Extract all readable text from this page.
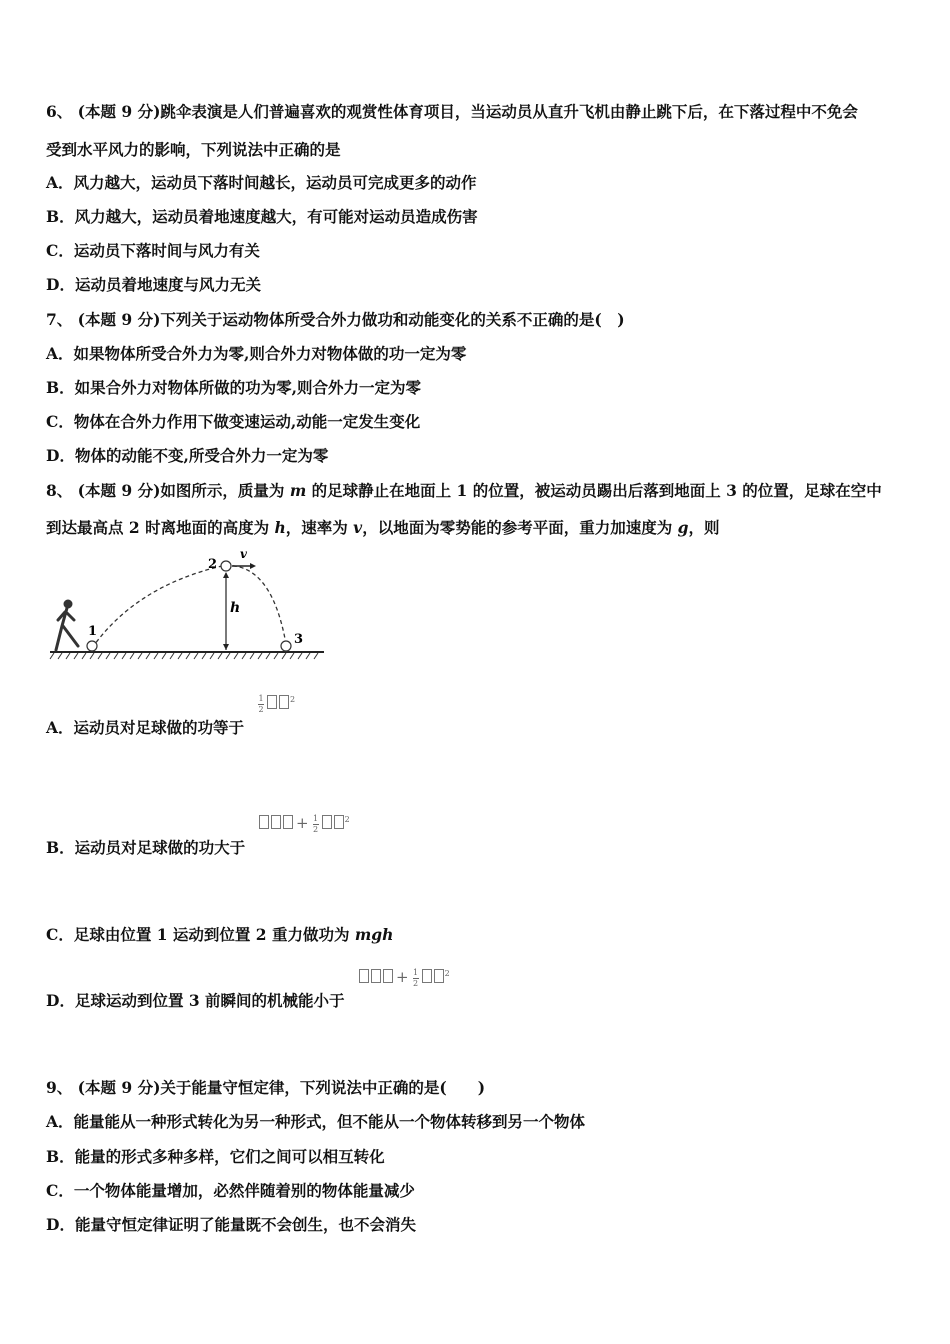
6、 (本题 9 分)跳伞表演是人们普遍喜欢的观赏性体育项目，当运动员从直升飞机由静止跳下后，在下落过程中不免会
受到水平风力的影响，下列说法中正确的是
A．风力越大，运动员下落时间越长，运动员可完成更多的动作
B．风力越大，运动员着地速度越大，有可能对运动员造成伤害
C．运动员下落时间与风力有关
D．运动员着地速度与风力无关
7、 (本题 9 分)下列关于运动物体所受合外力做功和动能变化的关系不正确的是(　)
A．如果物体所受合外力为零,则合外力对物体做的功一定为零
B．如果合外力对物体所做的功为零,则合外力一定为零
C．物体在合外力作用下做变速运动,动能一定发生变化
D．物体的动能不变,所受合外力一定为零
8、 (本题 9 分)如图所示，质量为 m 的足球静止在地面上 1 的位置，被运动员踢出后落到地面上 3 的位置，足球在空中
到达最高点 2 时离地面的高度为 h，速率为 v，以地面为零势能的参考平面，重力加速度为 g，则
1
2
3
h
v
A．运动员对足球做的功等于
$\frac{1}{2}$	$^2$
B．运动员对足球做的功大于
+ $\frac{1}{2}$	$^2$
C．足球由位置 1 运动到位置 2 重力做功为 mgh
D．足球运动到位置 3 前瞬间的机械能小于
+ $\frac{1}{2}$	$^2$
9、 (本题 9 分)关于能量守恒定律，下列说法中正确的是(　　)
A．能量能从一种形式转化为另一种形式，但不能从一个物体转移到另一个物体
B．能量的形式多种多样，它们之间可以相互转化
C．一个物体能量增加，必然伴随着别的物体能量减少
D．能量守恒定律证明了能量既不会创生，也不会消失
